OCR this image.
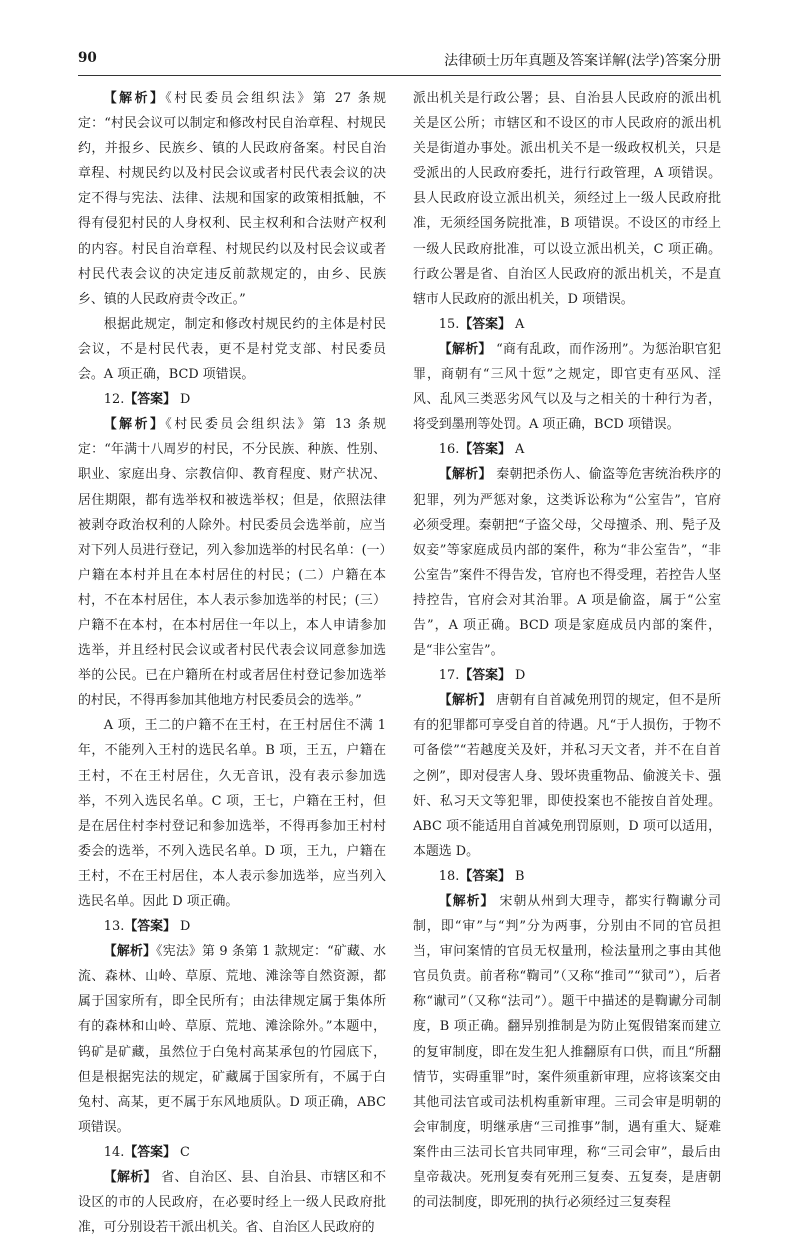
90	法律硕士历年真题及答案详解(法学)答案分册

【解析】《村民委员会组织法》第 27 条规定：“村民会议可以制定和修改村民自治章程、村规民约，并报乡、民族乡、镇的人民政府备案。村民自治章程、村规民约以及村民会议或者村民代表会议的决定不得与宪法、法律、法规和国家的政策相抵触，不得有侵犯村民的人身权利、民主权利和合法财产权利的内容。村民自治章程、村规民约以及村民会议或者村民代表会议的决定违反前款规定的，由乡、民族乡、镇的人民政府责令改正。”

根据此规定，制定和修改村规民约的主体是村民会议，不是村民代表，更不是村党支部、村民委员会。A 项正确，BCD 项错误。

12.【答案】 D

【解析】《村民委员会组织法》第 13 条规定：“年满十八周岁的村民，不分民族、种族、性别、职业、家庭出身、宗教信仰、教育程度、财产状况、居住期限，都有选举权和被选举权；但是，依照法律被剥夺政治权利的人除外。村民委员会选举前，应当对下列人员进行登记，列入参加选举的村民名单：(一）户籍在本村并且在本村居住的村民；(二）户籍在本村，不在本村居住，本人表示参加选举的村民；(三）户籍不在本村，在本村居住一年以上，本人申请参加选举，并且经村民会议或者村民代表会议同意参加选举的公民。已在户籍所在村或者居住村登记参加选举的村民，不得再参加其他地方村民委员会的选举。”

A 项，王二的户籍不在王村，在王村居住不满 1 年，不能列入王村的选民名单。B 项，王五，户籍在王村，不在王村居住，久无音讯，没有表示参加选举，不列入选民名单。C 项，王七，户籍在王村，但是在居住村李村登记和参加选举，不得再参加王村村委会的选举，不列入选民名单。D 项，王九，户籍在王村，不在王村居住，本人表示参加选举，应当列入选民名单。因此 D 项正确。

13.【答案】 D

【解析】《宪法》第 9 条第 1 款规定：“矿藏、水流、森林、山岭、草原、荒地、滩涂等自然资源，都属于国家所有，即全民所有；由法律规定属于集体所有的森林和山岭、草原、荒地、滩涂除外。”本题中，钨矿是矿藏，虽然位于白兔村高某承包的竹园底下，但是根据宪法的规定，矿藏属于国家所有，不属于白兔村、高某，更不属于东风地质队。D 项正确，ABC 项错误。

14.【答案】 C

【解析】 省、自治区、县、自治县、市辖区和不设区的市的人民政府，在必要时经上一级人民政府批准，可分别设若干派出机关。省、自治区人民政府的

派出机关是行政公署；县、自治县人民政府的派出机关是区公所；市辖区和不设区的市人民政府的派出机关是街道办事处。派出机关不是一级政权机关，只是受派出的人民政府委托，进行行政管理，A 项错误。县人民政府设立派出机关，须经过上一级人民政府批准，无须经国务院批准，B 项错误。不设区的市经上一级人民政府批准，可以设立派出机关，C 项正确。行政公署是省、自治区人民政府的派出机关，不是直辖市人民政府的派出机关，D 项错误。

15.【答案】 A

【解析】 “商有乱政，而作汤刑”。为惩治职官犯罪，商朝有“三风十愆”之规定，即官吏有巫风、淫风、乱风三类恶劣风气以及与之相关的十种行为者，将受到墨刑等处罚。A 项正确，BCD 项错误。

16.【答案】 A

【解析】 秦朝把杀伤人、偷盗等危害统治秩序的犯罪，列为严惩对象，这类诉讼称为“公室告”，官府必须受理。秦朝把“子盗父母，父母擅杀、刑、髡子及奴妾”等家庭成员内部的案件，称为“非公室告”，“非公室告”案件不得告发，官府也不得受理，若控告人坚持控告，官府会对其治罪。A 项是偷盗，属于“公室告”，A 项正确。BCD 项是家庭成员内部的案件，是“非公室告”。

17.【答案】 D

【解析】 唐朝有自首减免刑罚的规定，但不是所有的犯罪都可享受自首的待遇。凡“于人损伤，于物不可备偿”“若越度关及奸，并私习天文者，并不在自首之例”，即对侵害人身、毁坏贵重物品、偷渡关卡、强奸、私习天文等犯罪，即使投案也不能按自首处理。ABC 项不能适用自首减免刑罚原则，D 项可以适用，本题选 D。

18.【答案】 B

【解析】 宋朝从州到大理寺，都实行鞫谳分司制，即“审”与“判”分为两事，分别由不同的官员担当，审问案情的官员无权量刑，检法量刑之事由其他官员负责。前者称“鞫司”（又称“推司”“狱司”），后者称“谳司”（又称“法司”）。题干中描述的是鞫谳分司制度，B 项正确。翻异别推制是为防止冤假错案而建立的复审制度，即在发生犯人推翻原有口供，而且“所翻情节，实碍重罪”时，案件须重新审理，应将该案交由其他司法官或司法机构重新审理。三司会审是明朝的会审制度，明继承唐“三司推事”制，遇有重大、疑难案件由三法司长官共同审理，称“三司会审”，最后由皇帝裁决。死刑复奏有死刑三复奏、五复奏，是唐朝的司法制度，即死刑的执行必须经过三复奏程
